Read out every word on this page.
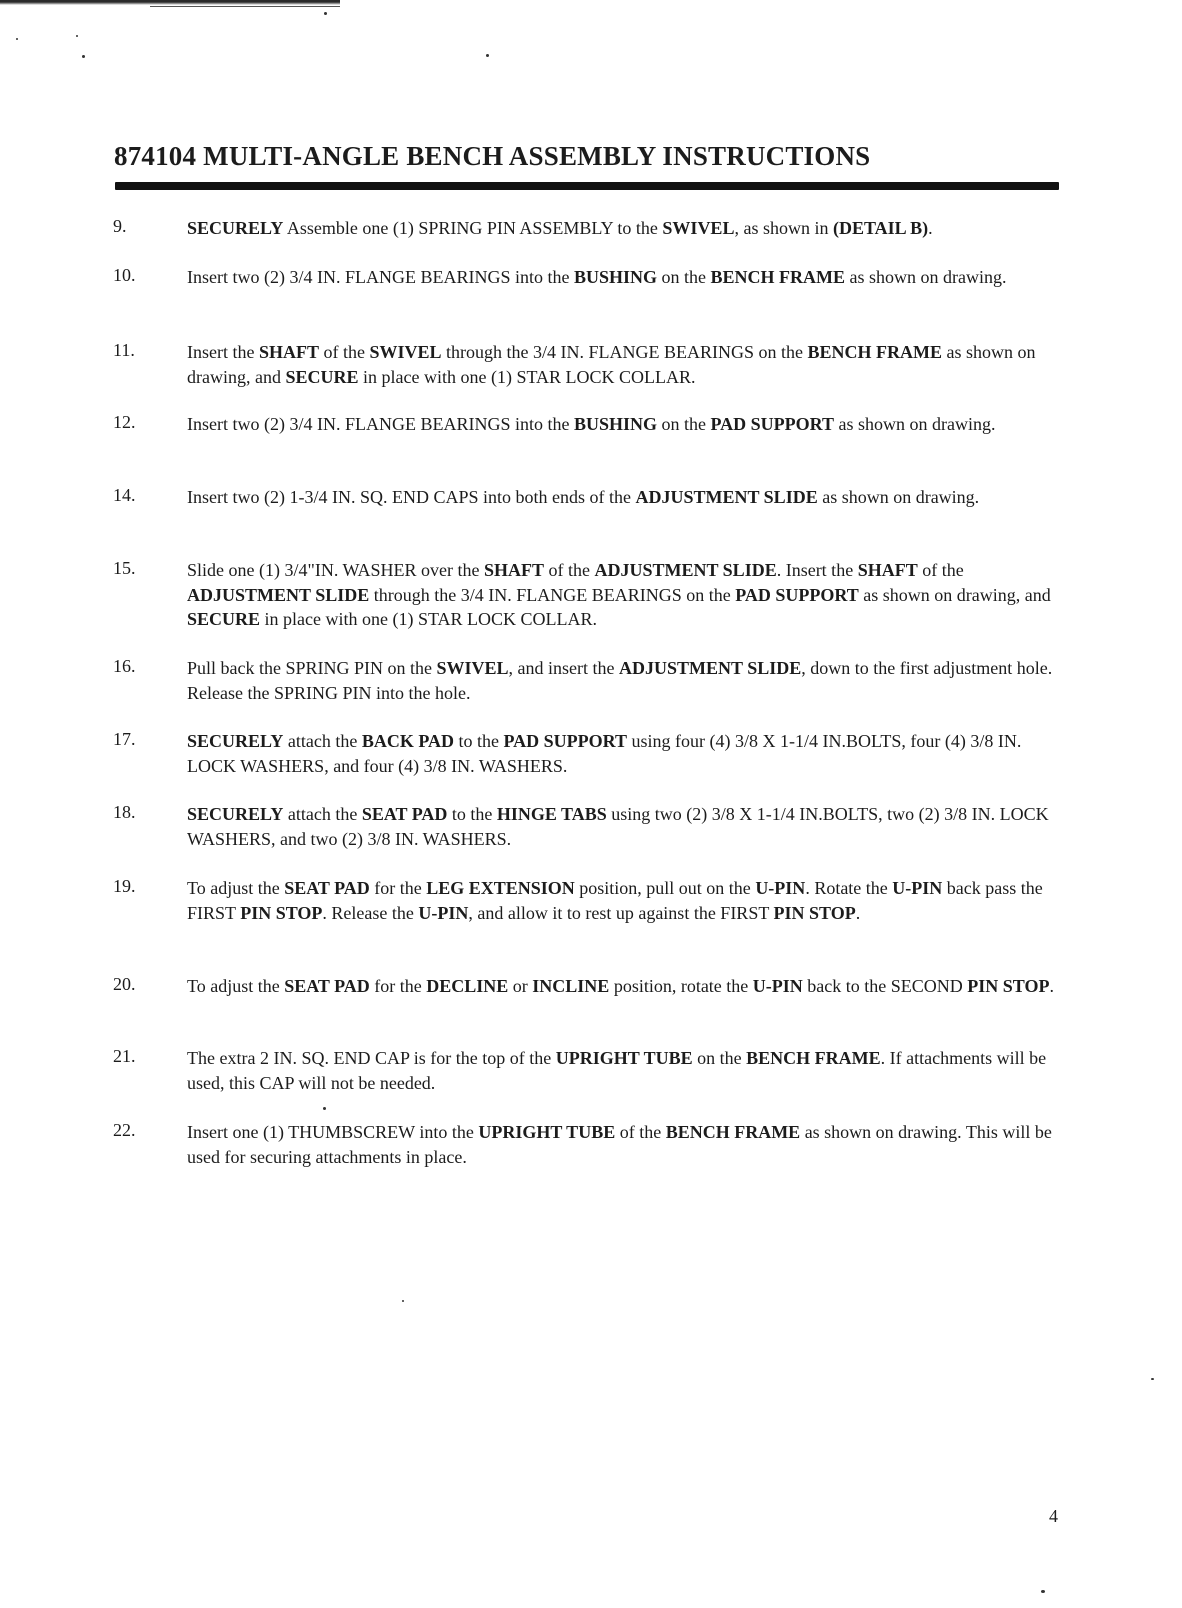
874104 MULTI-ANGLE BENCH ASSEMBLY INSTRUCTIONS
9.	SECURELY Assemble one (1) SPRING PIN ASSEMBLY to the SWIVEL, as shown in (DETAIL B).
10.	Insert two (2) 3/4 IN. FLANGE BEARINGS into the BUSHING on the BENCH FRAME as shown on drawing.
11.	Insert the SHAFT of the SWIVEL through the 3/4 IN. FLANGE BEARINGS on the BENCH FRAME as shown on drawing, and SECURE in place with one (1) STAR LOCK COLLAR.
12.	Insert two (2) 3/4 IN. FLANGE BEARINGS into the BUSHING on the PAD SUPPORT as shown on drawing.
14.	Insert two (2) 1-3/4 IN. SQ. END CAPS into both ends of the ADJUSTMENT SLIDE as shown on drawing.
15.	Slide one (1) 3/4"IN. WASHER over the SHAFT of the ADJUSTMENT SLIDE. Insert the SHAFT of the ADJUSTMENT SLIDE through the 3/4 IN. FLANGE BEARINGS on the PAD SUPPORT as shown on drawing, and SECURE in place with one (1) STAR LOCK COLLAR.
16.	Pull back the SPRING PIN on the SWIVEL, and insert the ADJUSTMENT SLIDE, down to the first adjustment hole. Release the SPRING PIN into the hole.
17.	SECURELY attach the BACK PAD to the PAD SUPPORT using four (4) 3/8 X 1-1/4 IN.BOLTS, four (4) 3/8 IN. LOCK WASHERS, and four (4) 3/8 IN. WASHERS.
18.	SECURELY attach the SEAT PAD to the HINGE TABS using two (2) 3/8 X 1-1/4 IN.BOLTS, two (2) 3/8 IN. LOCK WASHERS, and two (2) 3/8 IN. WASHERS.
19.	To adjust the SEAT PAD for the LEG EXTENSION position, pull out on the U-PIN. Rotate the U-PIN back pass the FIRST PIN STOP. Release the U-PIN, and allow it to rest up against the FIRST PIN STOP.
20.	To adjust the SEAT PAD for the DECLINE or INCLINE position, rotate the U-PIN back to the SECOND PIN STOP.
21.	The extra 2 IN. SQ. END CAP is for the top of the UPRIGHT TUBE on the BENCH FRAME. If attachments will be used, this CAP will not be needed.
22.	Insert one (1) THUMBSCREW into the UPRIGHT TUBE of the BENCH FRAME as shown on drawing. This will be used for securing attachments in place.
4
